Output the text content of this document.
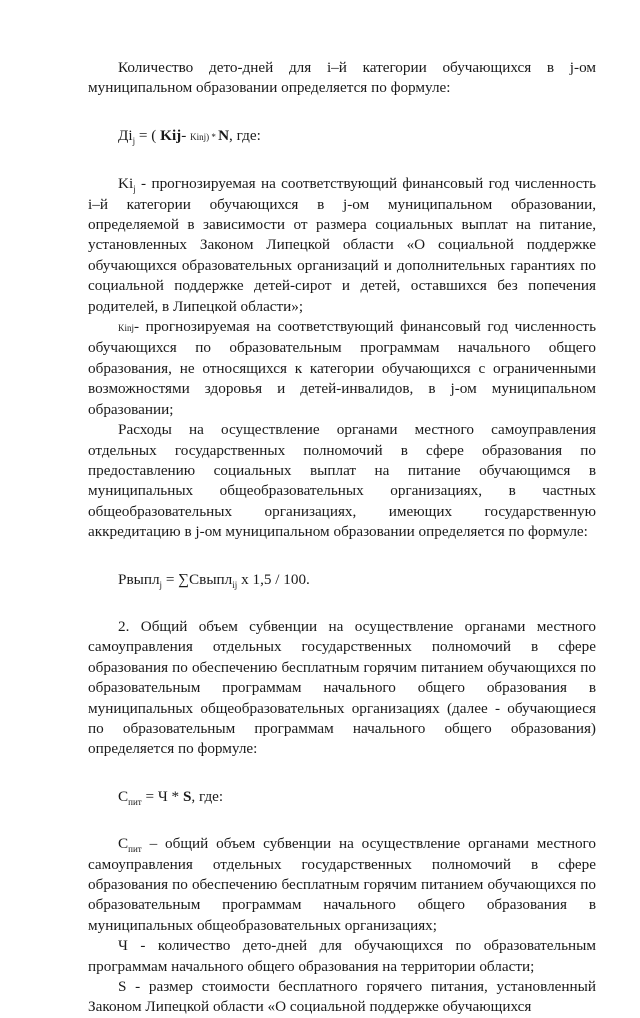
Количество дето-дней для i–й категории обучающихся в j-ом муниципальном образовании определяется по формуле:

$Дi_j$ = ( Kij- Kinj) * N, где:

$Ki_j$ - прогнозируемая на соответствующий финансовый год численность i–й категории обучающихся в j-ом муниципальном образовании, определяемой в зависимости от размера социальных выплат на питание, установленных Законом Липецкой области «О социальной поддержке обучающихся образовательных организаций и дополнительных гарантиях по социальной поддержке детей-сирот и детей, оставшихся без попечения родителей, в Липецкой области»;

Kinj- прогнозируемая на соответствующий финансовый год численность обучающихся по образовательным программам начального общего образования, не относящихся к категории обучающихся с ограниченными возможностями здоровья и детей-инвалидов, в j-ом муниципальном образовании;

Расходы на осуществление органами местного самоуправления отдельных государственных полномочий в сфере образования по предоставлению социальных выплат на питание обучающимся в муниципальных общеобразовательных организациях, в частных общеобразовательных организациях, имеющих государственную аккредитацию в j-ом муниципальном образовании определяется по формуле:

Рвыпл$_j$ = ∑Свыпл$_{ij}$ х 1,5 / 100.

2. Общий объем субвенции на осуществление органами местного самоуправления отдельных государственных полномочий в сфере образования по обеспечению бесплатным горячим питанием обучающихся по образовательным программам начального общего образования в муниципальных общеобразовательных организациях (далее - обучающиеся по образовательным программам начального общего образования) определяется по формуле:

$С_{пит} = Ч * S$, где:

$С_{пит}$ – общий объем субвенции на осуществление органами местного самоуправления отдельных государственных полномочий в сфере образования по обеспечению бесплатным горячим питанием обучающихся по образовательным программам начального общего образования в муниципальных общеобразовательных организациях;

Ч - количество дето-дней для обучающихся по образовательным программам начального общего образования на территории области;

S - размер стоимости бесплатного горячего питания, установленный Законом Липецкой области «О социальной поддержке обучающихся
